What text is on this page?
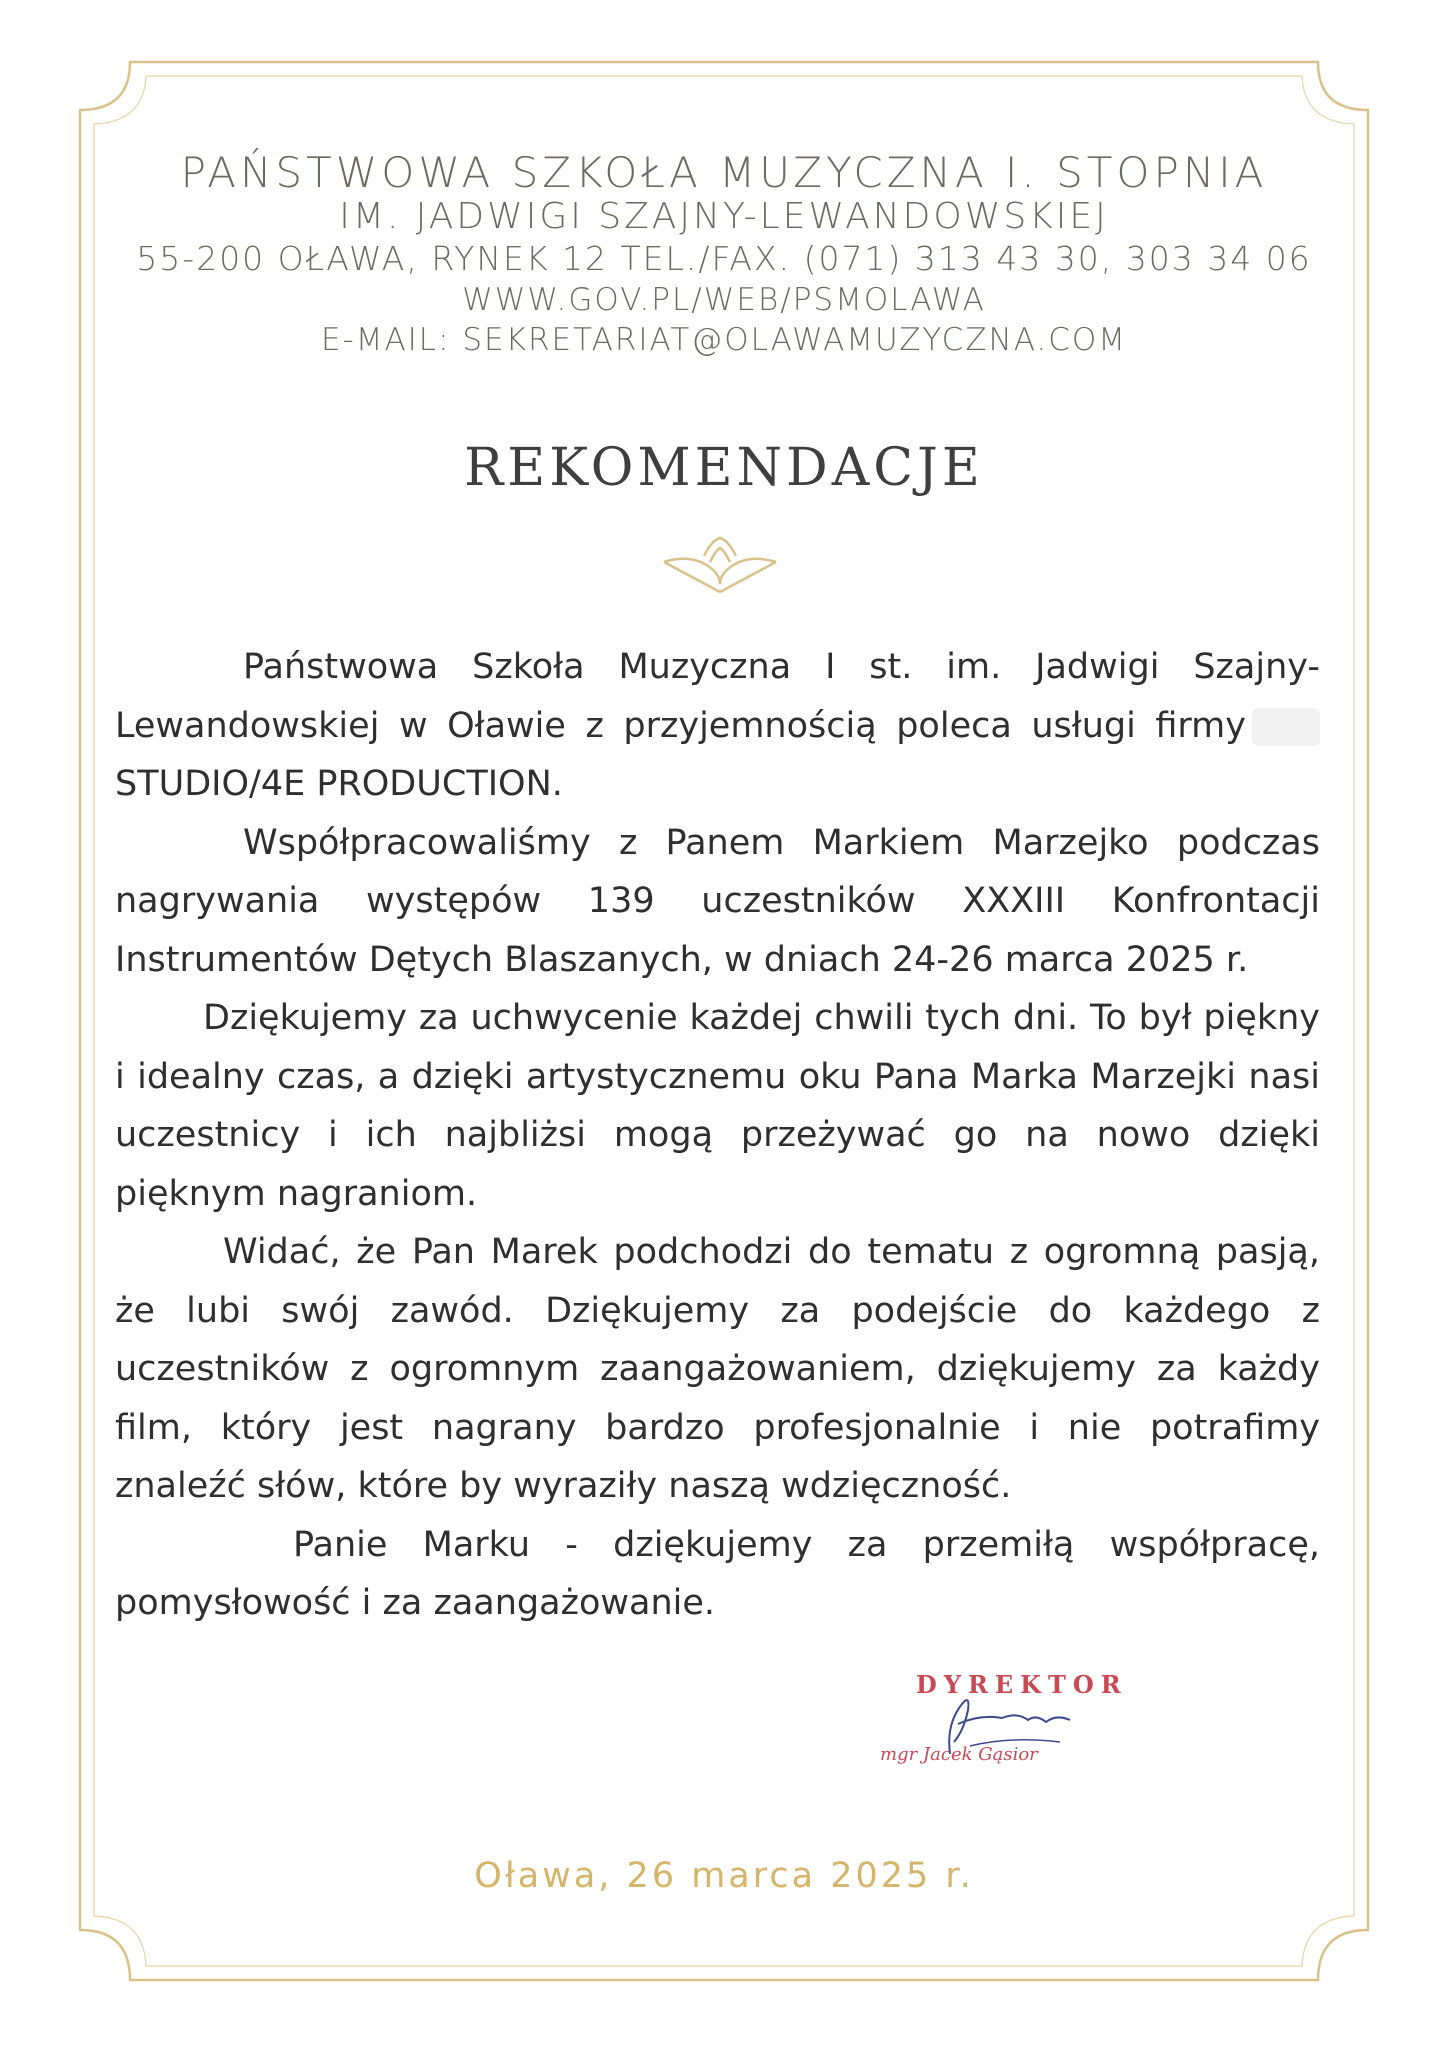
PAŃSTWOWA SZKOŁA MUZYCZNA I. STOPNIA
IM. JADWIGI SZAJNY-LEWANDOWSKIEJ
55-200 OŁAWA, RYNEK 12 TEL./FAX. (071) 313 43 30, 303 34 06
WWW.GOV.PL/WEB/PSMOLAWA
E-MAIL: SEKRETARIAT@OLAWAMUZYCZNA.COM
REKOMENDACJE

Państwowa Szkoła Muzyczna I st. im. Jadwigi Szajny-Lewandowskiej w Oławie z przyjemnością poleca usługi firmy STUDIO/4E PRODUCTION.

Współpracowaliśmy z Panem Markiem Marzejko podczas nagrywania występów 139 uczestników XXXIII Konfrontacji Instrumentów Dętych Blaszanych, w dniach 24-26 marca 2025 r.

Dziękujemy za uchwycenie każdej chwili tych dni. To był piękny i idealny czas, a dzięki artystycznemu oku Pana Marka Marzejki nasi uczestnicy i ich najbliżsi mogą przeżywać go na nowo dzięki pięknym nagraniom.

Widać, że Pan Marek podchodzi do tematu z ogromną pasją, że lubi swój zawód. Dziękujemy za podejście do każdego z uczestników z ogromnym zaangażowaniem, dziękujemy za każdy film, który jest nagrany bardzo profesjonalnie i nie potrafimy znaleźć słów, które by wyraziły naszą wdzięczność.

Panie Marku - dziękujemy za przemiłą współpracę, pomysłowość i za zaangażowanie.

DYREKTOR
mgr Jacek Gąsior
Oława, 26 marca 2025 r.
